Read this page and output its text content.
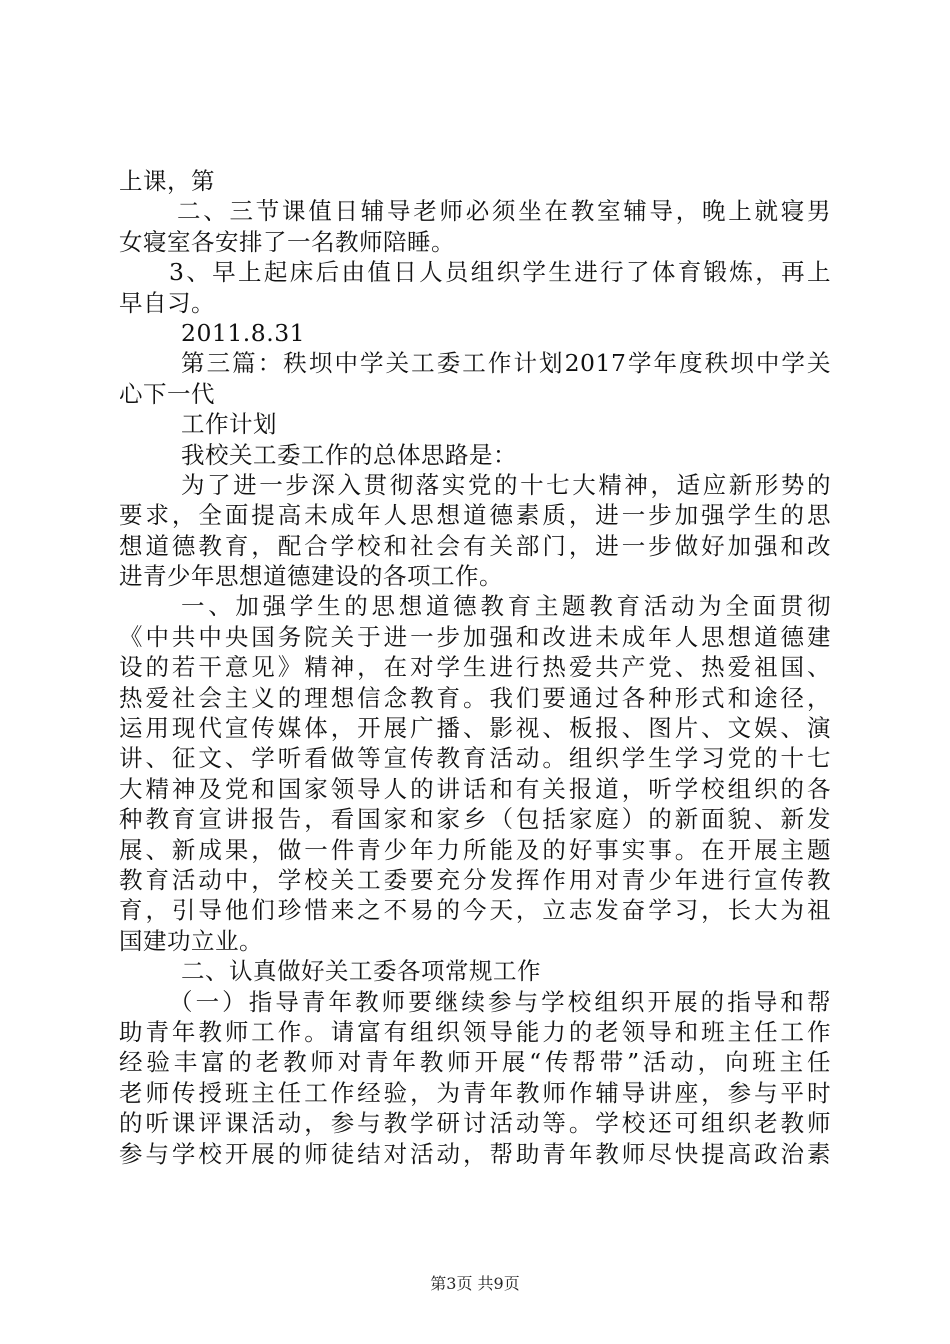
上课，第
二、三节课值日辅导老师必须坐在教室辅导，晚上就寝男
女寝室各安排了一名教师陪睡。
3、早上起床后由值日人员组织学生进行了体育锻炼，再上
早自习。
2011.8.31
第三篇：秩坝中学关工委工作计划2017学年度秩坝中学关
心下一代
工作计划
我校关工委工作的总体思路是：
为了进一步深入贯彻落实党的十七大精神，适应新形势的
要求，全面提高未成年人思想道德素质，进一步加强学生的思
想道德教育，配合学校和社会有关部门，进一步做好加强和改
进青少年思想道德建设的各项工作。
一、加强学生的思想道德教育主题教育活动为全面贯彻
《中共中央国务院关于进一步加强和改进未成年人思想道德建
设的若干意见》精神，在对学生进行热爱共产党、热爱祖国、
热爱社会主义的理想信念教育。我们要通过各种形式和途径，
运用现代宣传媒体，开展广播、影视、板报、图片、文娱、演
讲、征文、学听看做等宣传教育活动。组织学生学习党的十七
大精神及党和国家领导人的讲话和有关报道，听学校组织的各
种教育宣讲报告，看国家和家乡（包括家庭）的新面貌、新发
展、新成果，做一件青少年力所能及的好事实事。在开展主题
教育活动中，学校关工委要充分发挥作用对青少年进行宣传教
育，引导他们珍惜来之不易的今天，立志发奋学习，长大为祖
国建功立业。
二、认真做好关工委各项常规工作
（一）指导青年教师要继续参与学校组织开展的指导和帮
助青年教师工作。请富有组织领导能力的老领导和班主任工作
经验丰富的老教师对青年教师开展“传帮带”活动，向班主任
老师传授班主任工作经验，为青年教师作辅导讲座，参与平时
的听课评课活动，参与教学研讨活动等。学校还可组织老教师
参与学校开展的师徒结对活动，帮助青年教师尽快提高政治素
第3页 共9页
